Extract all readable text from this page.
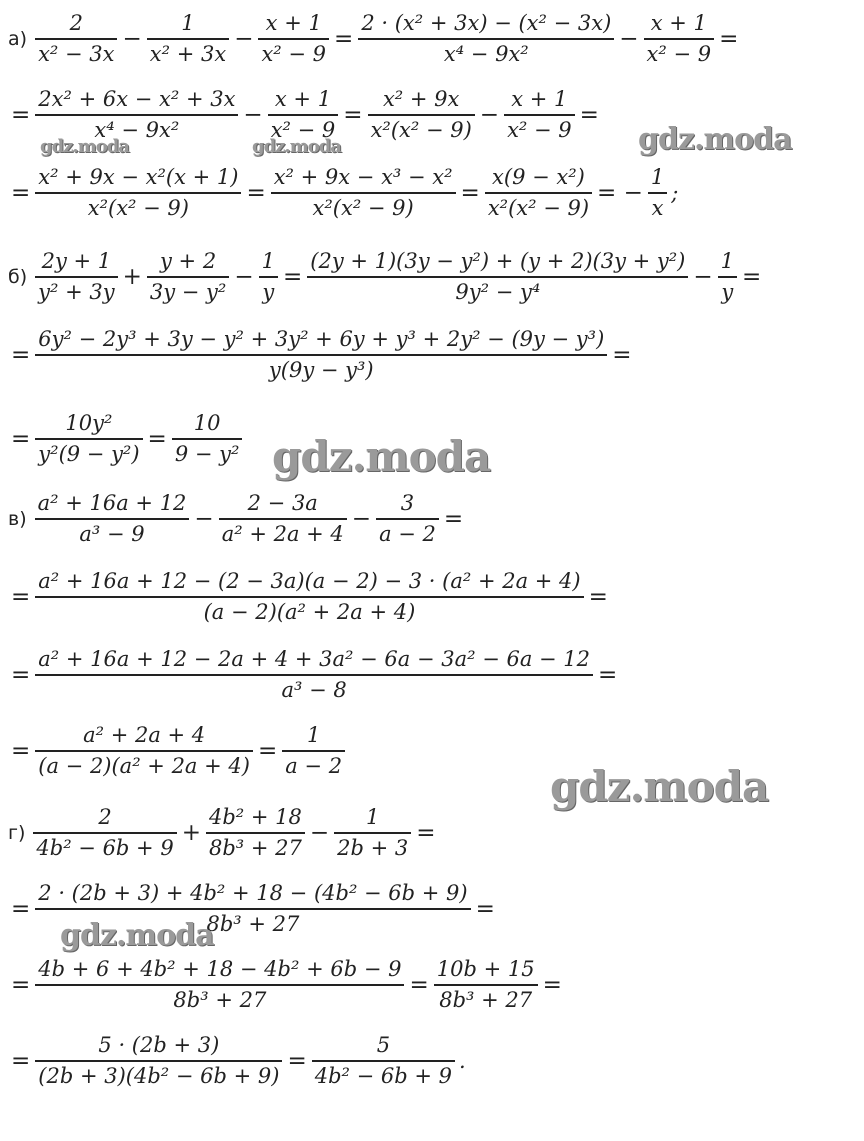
$а) \frac{2}{\text{x² − 3x}} - \frac{1}{\text{x² + 3x}} - \frac{x + 1}{\text{x² − 9}} = \frac{\text{2 · (x² + 3x) − (x² − 3x)}}{\text{x⁴ − 9x²}} - \frac{x + 1}{\text{x² − 9}}$ =
= $\frac{\text{2x² + 6x − x² + 3x}}{\text{x⁴ − 9x²}} - \frac{x + 1}{\text{x² − 9}} = \frac{\text{x² + 9x}}{\text{x²(x² − 9)}} - \frac{x + 1}{\text{x² − 9}}$ =
= $\frac{\text{x² + 9x − x²(x + 1)}}{\text{x²(x² − 9)}} = \frac{\text{x² + 9x − x³ − x²}}{\text{x²(x² − 9)}} = \frac{\text{x(9 − x²)}}{\text{x²(x² − 9)}}$ = − $\frac{1}{x}$ ;
$б) \frac{2y + 1}{\text{y² + 3y}} + \frac{y + 2}{\text{3y − y²}} - \frac{1}{y} = \frac{\text{(2y + 1)(3y − y²) + (y + 2)(3y + y²)}}{\text{9y² − y⁴}} - \frac{1}{y}$ =
= $\frac{\text{6y² − 2y³ + 3y − y² + 3y² + 6y + y³ + 2y² − (9y − y³)}}{\text{y(9y − y³)}}$ =
= $\frac{\text{10y²}}{\text{y²(9 − y²)}} = \frac{10}{\text{9 − y²}}$
$в) \frac{\text{a² + 16a + 12}}{\text{a³ − 9}} - \frac{2 - 3a}{\text{a² + 2a + 4}} - \frac{3}{a - 2}$ =
= $\frac{\text{a² + 16a + 12 − (2 − 3a)(a − 2) − 3 · (a² + 2a + 4)}}{\text{(a − 2)(a² + 2a + 4)}}$ =
= $\frac{\text{a² + 16a + 12 − 2a + 4 + 3a² − 6a − 3a² − 6a − 12}}{\text{a³ − 8}}$ =
= $\frac{\text{a² + 2a + 4}}{\text{(a − 2)(a² + 2a + 4)}} = \frac{1}{a - 2}$
$г) \frac{2}{\text{4b² − 6b + 9}} + \frac{\text{4b² + 18}}{\text{8b³ + 27}} - \frac{1}{2b + 3}$ =
= $\frac{\text{2 · (2b + 3) + 4b² + 18 − (4b² − 6b + 9)}}{\text{8b³ + 27}}$ =
= $\frac{\text{4b + 6 + 4b² + 18 − 4b² + 6b − 9}}{\text{8b³ + 27}} = \frac{10b + 15}{\text{8b³ + 27}}$ =
= $\frac{5 \cdot (2b + 3)}{\text{(2b + 3)(4b² − 6b + 9)}} = \frac{5}{\text{4b² − 6b + 9}}$ .
gdz.moda	gdz.moda	gdz.moda
gdz.moda
gdz.moda
gdz.moda
